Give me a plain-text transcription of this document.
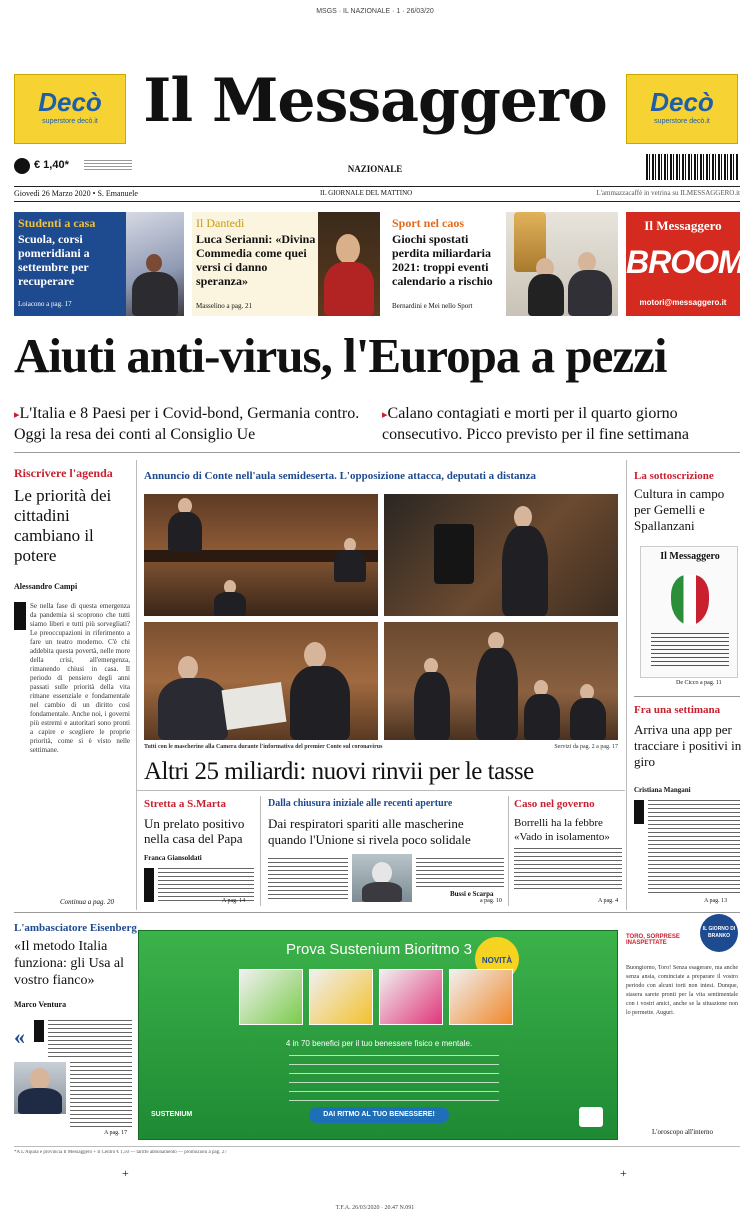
MSGS · IL NAZIONALE · 1 · 26/03/20
Decò
superstore decò.it
Decò
superstore decò.it
Il Messaggero
NAZIONALE
€ 1,40*
Giovedì 26 Marzo 2020 • S. Emanuele	IL GIORNALE DEL MATTINO	L'ammazzacaffè in vetrina su ILMESSAGGERO.it
Studenti a casa
Scuola, corsi pomeridiani a settembre per recuperare
Loiacono a pag. 17
Il Dantedì
Luca Serianni: «Divina Commedia come quei versi ci danno speranza»
Masselino a pag. 21
Sport nel caos
Giochi spostati perdita miliardaria 2021: troppi eventi calendario a rischio
Bernardini e Mei nello Sport
Il Messaggero
BROOM
motori@messaggero.it
Aiuti anti-virus, l'Europa a pezzi
▸L'Italia e 8 Paesi per i Covid-bond, Germania contro. Oggi la resa dei conti al Consiglio Ue
▸Calano contagiati e morti per il quarto giorno consecutivo. Picco previsto per il fine settimana
Riscrivere l'agenda
Le priorità dei cittadini cambiano il potere
Alessandro Campi
Se nella fase di questa emergenza da pandemia si scoprono che tutti siamo liberi e tutti più sorvegliati? Le preoccupazioni in riferimento a fare un teatro moderno. C'è chi addebita questa povertà, nelle more della crisi, all'emergenza, rimanendo chiusi in casa. Il periodo di pensiero degli anni passati sulle priorità della vita rimane essenziale e fondamentale nel cambio di un diritto così fondamentale. Anche noi, i governi più estremi e autoritari sono pronti a capire e scegliere le proprie priorità, come si è visto nelle settimane.
Continua a pag. 20
Annuncio di Conte nell'aula semideserta. L'opposizione attacca, deputati a distanza
Tutti con le mascherine alla Camera durante l'informativa del premier Conte sul coronavirus	Servizi da pag. 2 a pag. 17
Altri 25 miliardi: nuovi rinvii per le tasse
La sottoscrizione
Cultura in campo per Gemelli e Spallanzani
Il Messaggero
De Cicco a pag. 11
Fra una settimana
Arriva una app per tracciare i positivi in giro
Cristiana Mangani
A pag. 13
Stretta a S.Marta
Un prelato positivo nella casa del Papa
Franca Giansoldati
A pag. 14
Dalla chiusura iniziale alle recenti aperture
Dai respiratori spariti alle mascherine quando l'Unione si rivela poco solidale
Bussi e Scarpa
a pag. 10
Caso nel governo
Borrelli ha la febbre «Vado in isolamento»
A pag. 4
L'ambasciatore Eisenberg
«Il metodo Italia funziona: gli Usa al vostro fianco»
Marco Ventura
«
A pag. 17
Prova Sustenium Bioritmo 3
NOVITÀ
4 in 70 benefici per il tuo benessere fisico e mentale.
DAI RITMO AL TUO BENESSERE!
SUSTENIUM
IL GIORNO DI BRANKO
TORO, SORPRESE INASPETTATE
Buongiorno, Toro! Senza esagerare, ma anche senza ansia, cominciate a preparare il vostro periodo con alcuni torti non intesi. Dunque, stasera sarete pronti per la vita sentimentale con i vostri amici, anche se la situazione non lo permette. Auguri.
L'oroscopo all'interno
*A L'Aquila e provincia Il Messaggero + Il Centro € 1,50 — tariffe abbonamento — promozioni a pag. 27
+	+
T.F.A. 26/03/2020 · 20.47 N.091
